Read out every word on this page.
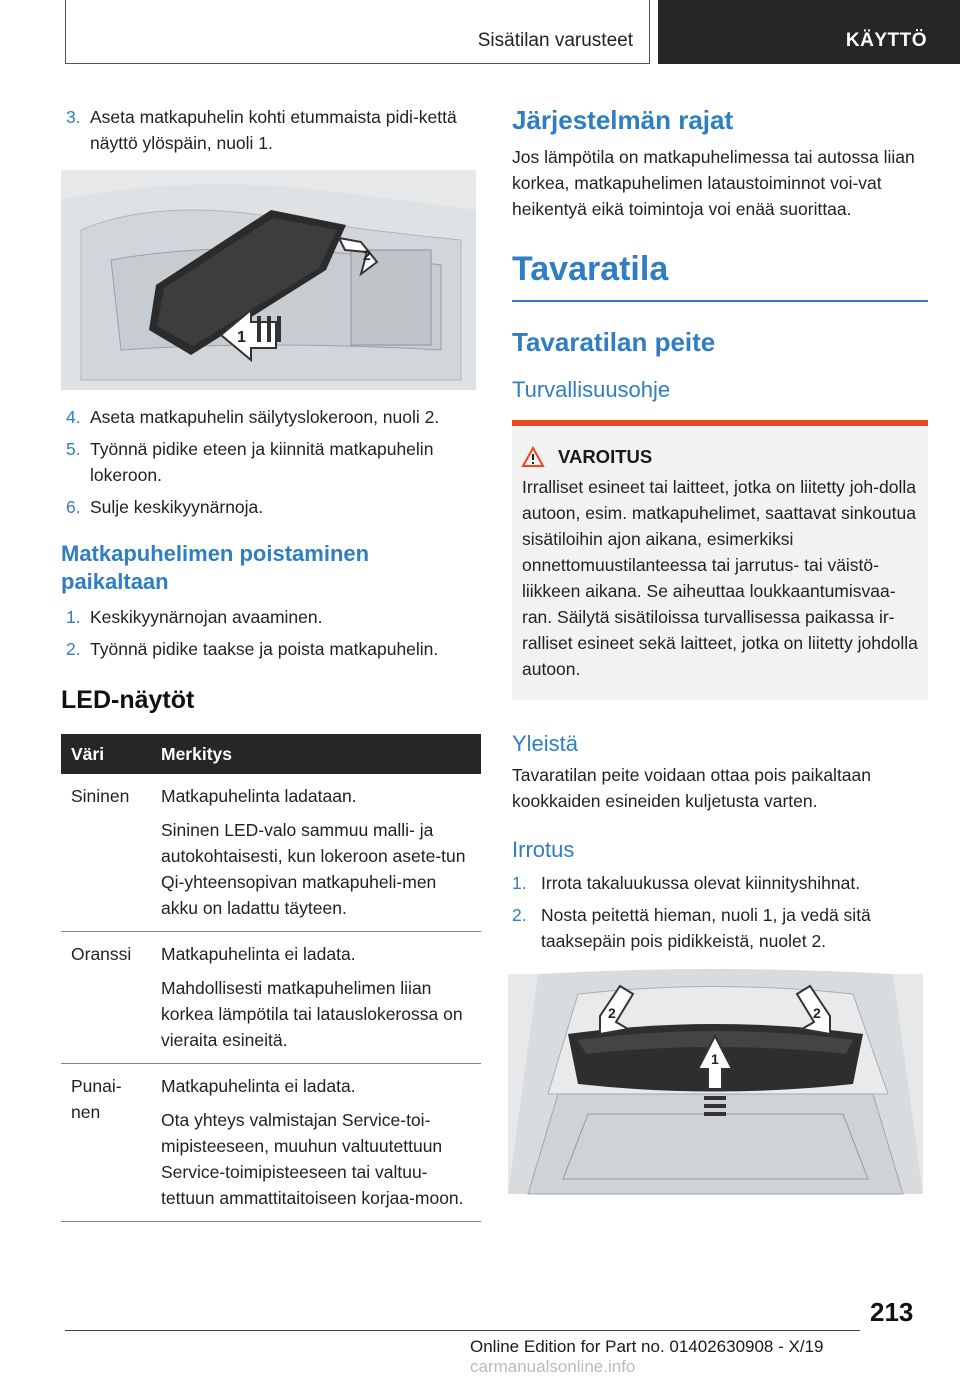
Sisätilan varusteet	KÄYTTÖ
3. Aseta matkapuhelin kohti etummaista pidi-kettä näyttö ylöspäin, nuoli 1.
1
2
4. Aseta matkapuhelin säilytyslokeroon, nuoli 2.
5. Työnnä pidike eteen ja kiinnitä matkapuhelin lokeroon.
6. Sulje keskikyynärnoja.
Matkapuhelimen poistaminen paikaltaan
1. Keskikyynärnojan avaaminen.
2. Työnnä pidike taakse ja poista matkapuhelin.
LED-näytöt
Väri	Merkitys
Sininen	Matkapuhelinta ladataan.

Sininen LED-valo sammuu malli- ja autokohtaisesti, kun lokeroon asete-tun Qi-yhteensopivan matkapuheli-men akku on ladattu täyteen.

Oranssi	Matkapuhelinta ei ladata.

Mahdollisesti matkapuhelimen liian korkea lämpötila tai latauslokerossa on vieraita esineitä.

Punai-nen	Matkapuhelinta ei ladata.

Ota yhteys valmistajan Service-toi-mipisteeseen, muuhun valtuutettuun Service-toimipisteeseen tai valtuu-tettuun ammattitaitoiseen korjaa-moon.

Järjestelmän rajat
Jos lämpötila on matkapuhelimessa tai autossa liian korkea, matkapuhelimen lataustoiminnot voi-vat heikentyä eikä toimintoja voi enää suorittaa.
Tavaratila
Tavaratilan peite
Turvallisuusohje
VAROITUS
Irralliset esineet tai laitteet, jotka on liitetty joh-dolla autoon, esim. matkapuhelimet, saattavat sinkoutua sisätiloihin ajon aikana, esimerkiksi onnettomuustilanteessa tai jarrutus- tai väistö-liikkeen aikana. Se aiheuttaa loukkaantumisvaa-ran. Säilytä sisätiloissa turvallisessa paikassa ir-ralliset esineet sekä laitteet, jotka on liitetty johdolla autoon.
Yleistä
Tavaratilan peite voidaan ottaa pois paikaltaan kookkaiden esineiden kuljetusta varten.
Irrotus
1. Irrota takaluukussa olevat kiinnityshihnat.
2. Nosta peitettä hieman, nuoli 1, ja vedä sitä taaksepäin pois pidikkeistä, nuolet 2.
2
1
2
213
Online Edition for Part no. 01402630908 - X/19 carmanualsonline.info
